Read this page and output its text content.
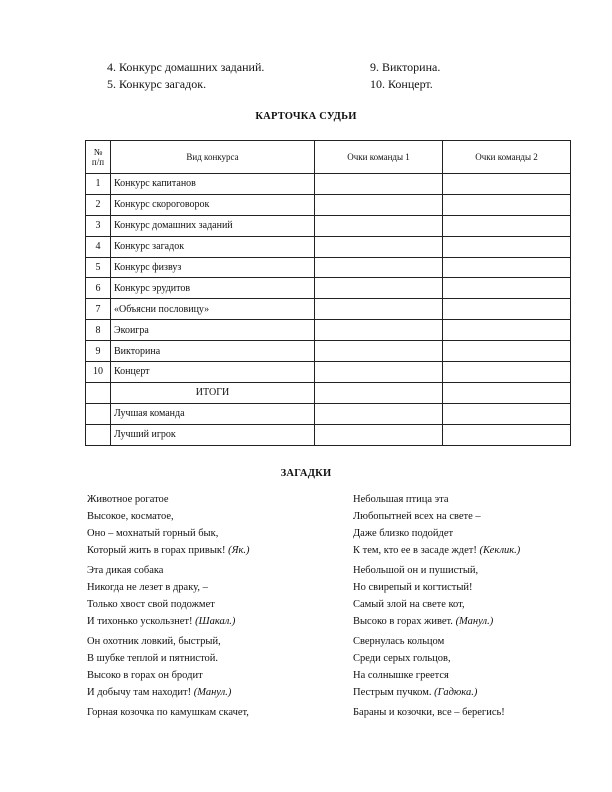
4. Конкурс домашних заданий.
5. Конкурс загадок.
9. Викторина.
10. Концерт.
КАРТОЧКА СУДЬИ
№
п/п	Вид конкурса	Очки команды 1	Очки команды 2
1	Конкурс капитанов		
2	Конкурс скороговорок		
3	Конкурс домашних заданий		
4	Конкурс загадок		
5	Конкурс физвуз		
6	Конкурс эрудитов		
7	«Объясни пословицу»		
8	Экоигра		
9	Викторина		
10	Концерт		
	ИТОГИ		
	Лучшая команда		
	Лучший игрок		
ЗАГАДКИ
Животное рогатое
Высокое, косматое,
Оно – мохнатый горный бык,
Который жить в горах привык! (Як.)
Эта дикая собака
Никогда не лезет в драку, –
Только хвост свой подожмет
И тихонько ускользнет! (Шакал.)
Он охотник ловкий, быстрый,
В шубке теплой и пятнистой.
Высоко в горах он бродит
И добычу там находит! (Манул.)
Горная козочка по камушкам скачет,
Небольшая птица эта
Любопытней всех на свете –
Даже близко подойдет
К тем, кто ее в засаде ждет! (Кеклик.)
Небольшой он и пушистый,
Но свирепый и когтистый!
Самый злой на свете кот,
Высоко в горах живет. (Манул.)
Свернулась кольцом
Среди серых гольцов,
На солнышке греется
Пестрым пучком. (Гадюка.)
Бараны и козочки, все – берегись!
